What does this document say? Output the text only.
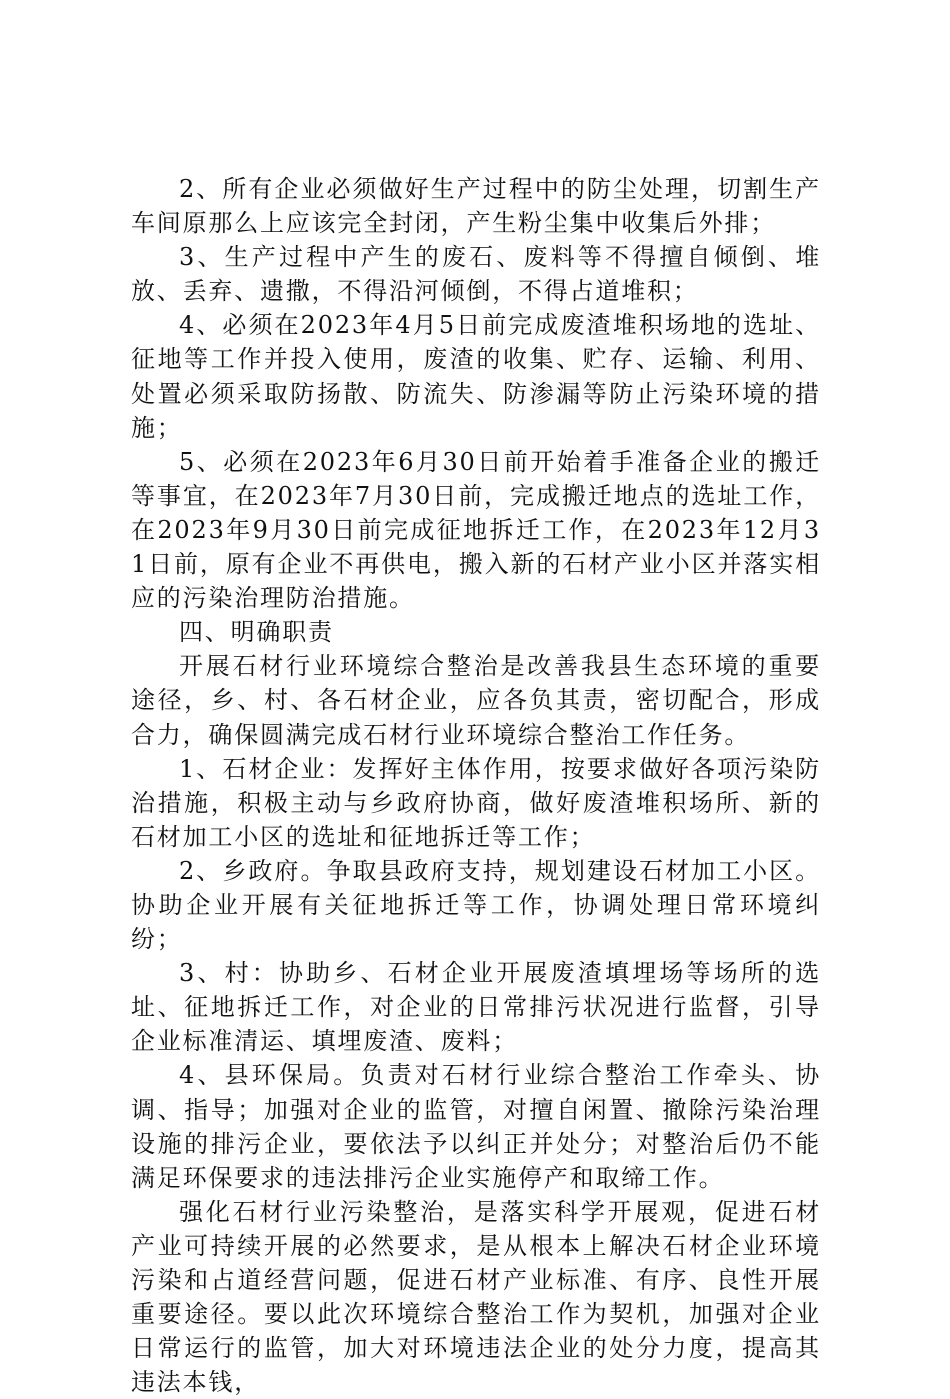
2、所有企业必须做好生产过程中的防尘处理，切割生产车间原那么上应该完全封闭，产生粉尘集中收集后外排；

3、生产过程中产生的废石、废料等不得擅自倾倒、堆放、丢弃、遗撒，不得沿河倾倒，不得占道堆积；

4、必须在2023年4月5日前完成废渣堆积场地的选址、征地等工作并投入使用，废渣的收集、贮存、运输、利用、处置必须采取防扬散、防流失、防渗漏等防止污染环境的措施；

5、必须在2023年6月30日前开始着手准备企业的搬迁等事宜，在2023年7月30日前，完成搬迁地点的选址工作，在2023年9月30日前完成征地拆迁工作，在2023年12月31日前，原有企业不再供电，搬入新的石材产业小区并落实相应的污染治理防治措施。

四、明确职责

开展石材行业环境综合整治是改善我县生态环境的重要途径，乡、村、各石材企业，应各负其责，密切配合，形成合力，确保圆满完成石材行业环境综合整治工作任务。

1、石材企业：发挥好主体作用，按要求做好各项污染防治措施，积极主动与乡政府协商，做好废渣堆积场所、新的石材加工小区的选址和征地拆迁等工作；

2、乡政府。争取县政府支持，规划建设石材加工小区。协助企业开展有关征地拆迁等工作，协调处理日常环境纠纷；

3、村：协助乡、石材企业开展废渣填埋场等场所的选址、征地拆迁工作，对企业的日常排污状况进行监督，引导企业标准清运、填埋废渣、废料；

4、县环保局。负责对石材行业综合整治工作牵头、协调、指导；加强对企业的监管，对擅自闲置、撤除污染治理设施的排污企业，要依法予以纠正并处分；对整治后仍不能满足环保要求的违法排污企业实施停产和取缔工作。

强化石材行业污染整治，是落实科学开展观，促进石材产业可持续开展的必然要求，是从根本上解决石材企业环境污染和占道经营问题，促进石材产业标准、有序、良性开展重要途径。要以此次环境综合整治工作为契机，加强对企业日常运行的监管，加大对环境违法企业的处分力度，提高其违法本钱，
